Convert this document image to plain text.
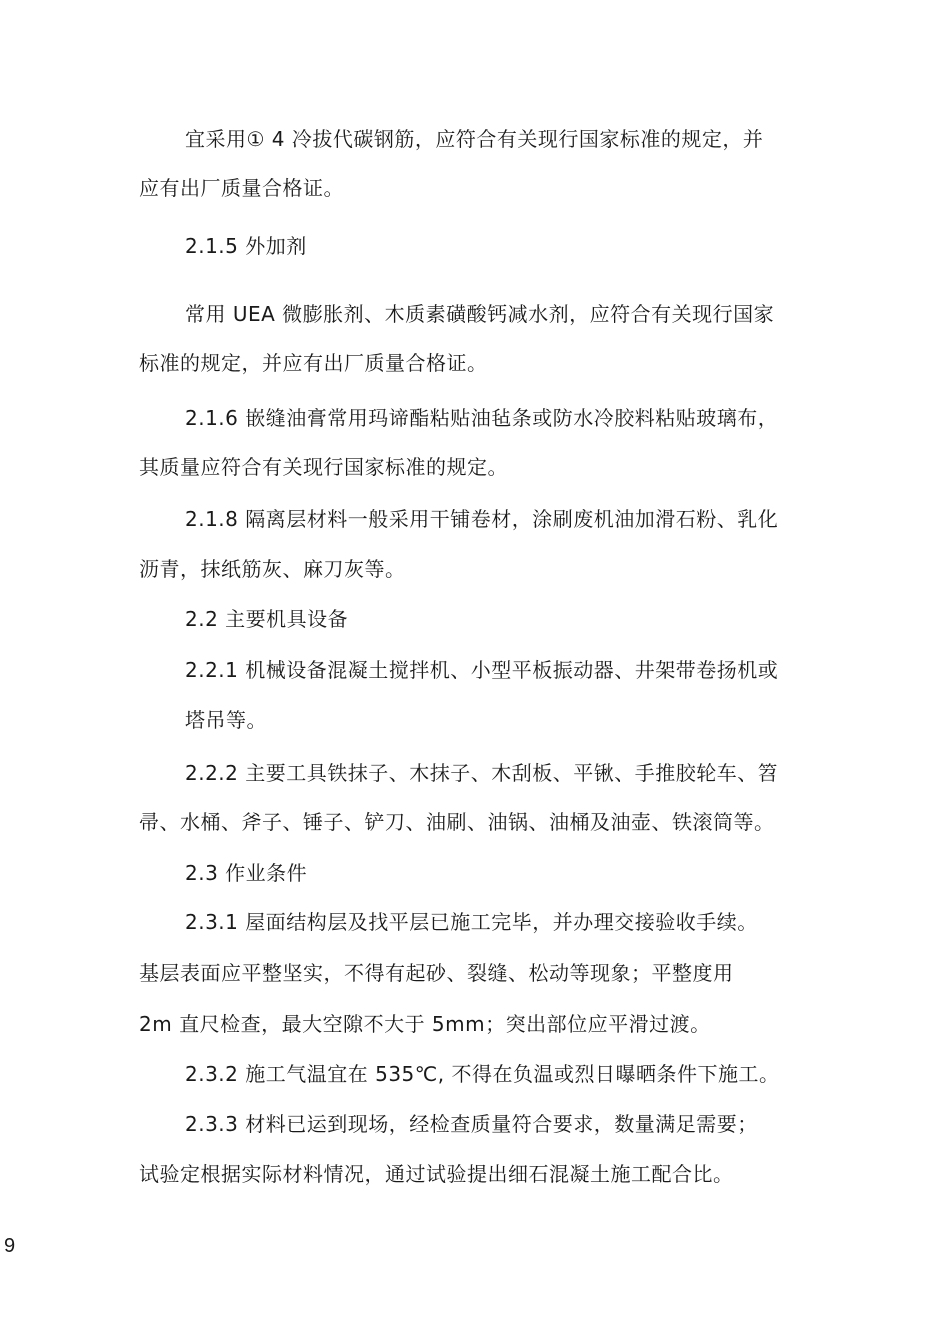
宜采用① 4 冷拔代碳钢筋，应符合有关现行国家标准的规定，并
应有出厂质量合格证。
2.1.5 外加剂
常用 UEA 微膨胀剂、木质素磺酸钙减水剂，应符合有关现行国家
标准的规定，并应有出厂质量合格证。
2.1.6 嵌缝油膏常用玛谛酯粘贴油毡条或防水冷胶料粘贴玻璃布，
其质量应符合有关现行国家标准的规定。
2.1.8 隔离层材料一般采用干铺卷材，涂刷废机油加滑石粉、乳化
沥青，抹纸筋灰、麻刀灰等。
2.2 主要机具设备
2.2.1 机械设备混凝土搅拌机、小型平板振动器、井架带卷扬机或
塔吊等。
2.2.2 主要工具铁抹子、木抹子、木刮板、平锹、手推胶轮车、笤
帚、水桶、斧子、锤子、铲刀、油刷、油锅、油桶及油壶、铁滚筒等。
2.3 作业条件
2.3.1 屋面结构层及找平层已施工完毕，并办理交接验收手续。
基层表面应平整坚实，不得有起砂、裂缝、松动等现象；平整度用
2m 直尺检查，最大空隙不大于 5mm；突出部位应平滑过渡。
2.3.2 施工气温宜在 535℃, 不得在负温或烈日曝晒条件下施工。
2.3.3 材料已运到现场，经检查质量符合要求，数量满足需要；
试验定根据实际材料情况，通过试验提出细石混凝土施工配合比。
9
